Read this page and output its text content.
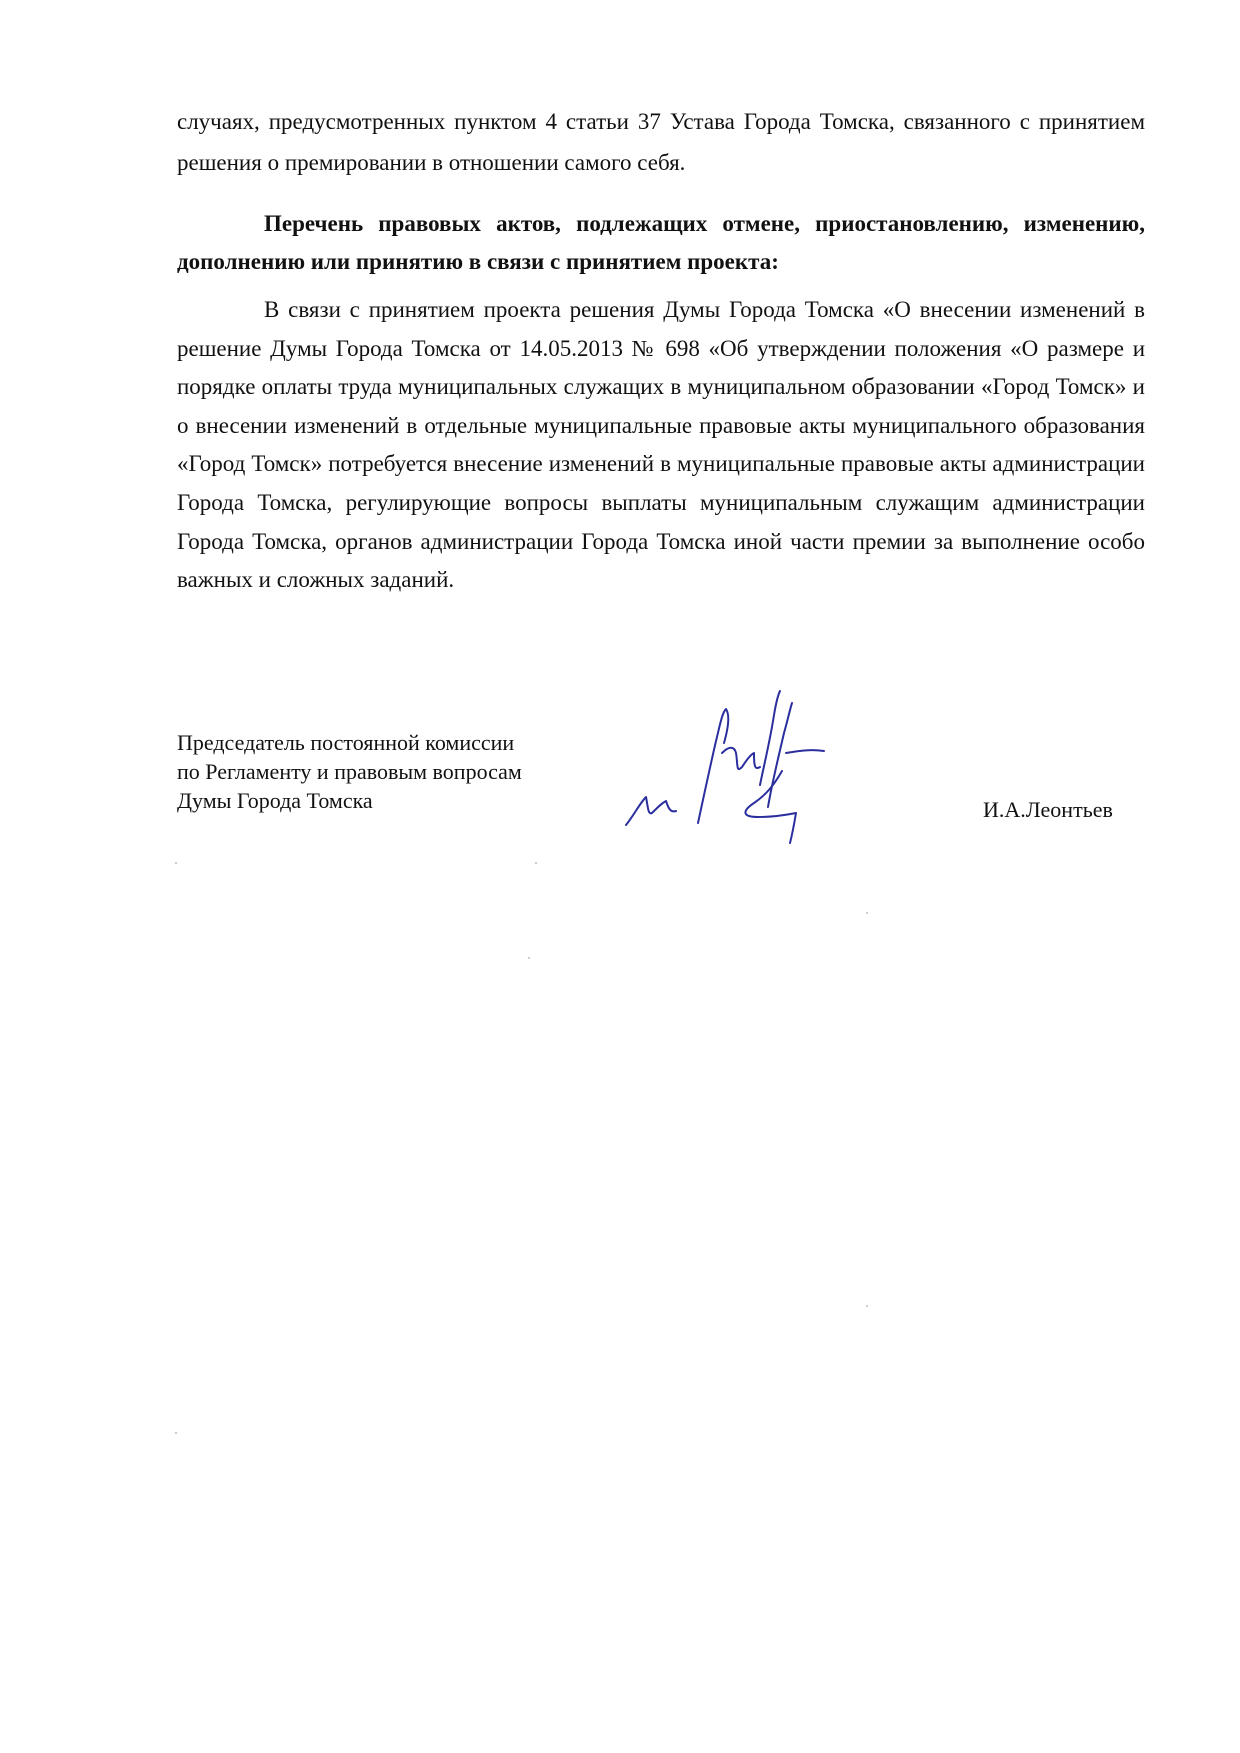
случаях, предусмотренных пунктом 4 статьи 37 Устава Города Томска, связанного с принятием решения о премировании в отношении самого себя.

Перечень правовых актов, подлежащих отмене, приостановлению, изменению, дополнению или принятию в связи с принятием проекта:

В связи с принятием проекта решения Думы Города Томска «О внесении изменений в решение Думы Города Томска от 14.05.2013 № 698 «Об утверждении положения «О размере и порядке оплаты труда муниципальных служащих в муниципальном образовании «Город Томск» и о внесении изменений в отдельные муниципальные правовые акты муниципального образования «Город Томск» потребуется внесение изменений в муниципальные правовые акты администрации Города Томска, регулирующие вопросы выплаты муниципальным служащим администрации Города Томска, органов администрации Города Томска иной части премии за выполнение особо важных и сложных заданий.

Председатель постоянной комиссии
по Регламенту и правовым вопросам
Думы Города Томска	И.А.Леонтьев
